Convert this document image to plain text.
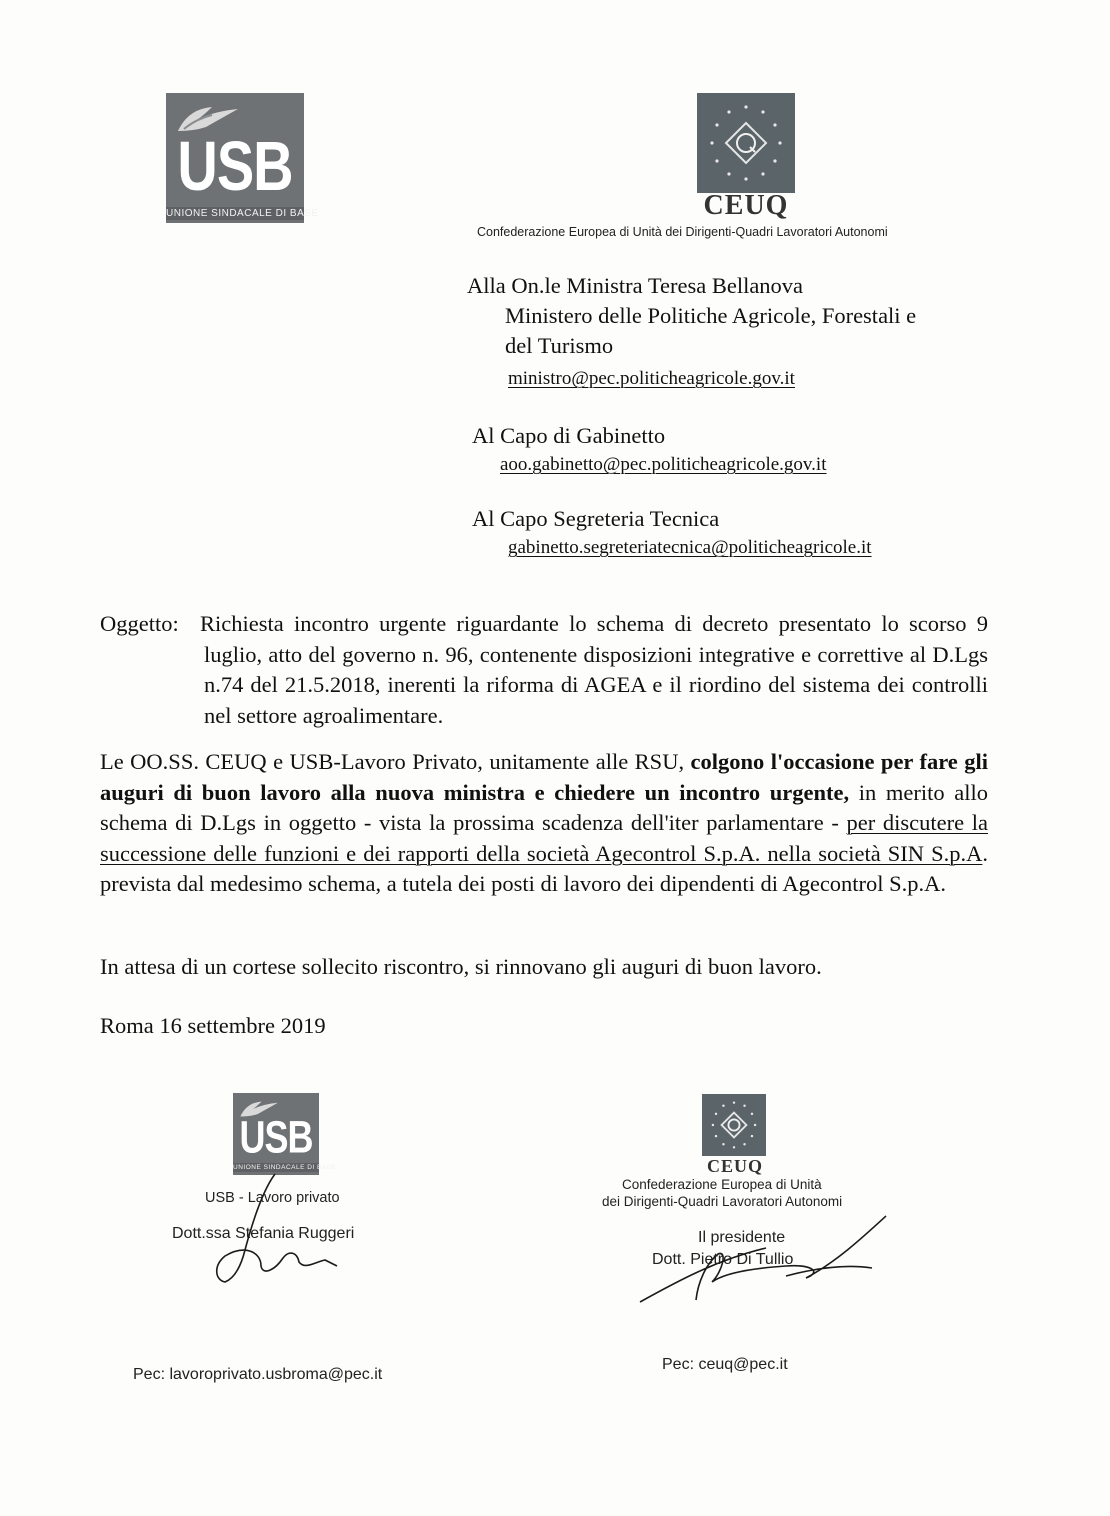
USB
UNIONE SINDACALE DI BASE	CEUQ
Confederazione Europea di Unità dei Dirigenti-Quadri Lavoratori Autonomi
Alla On.le Ministra Teresa Bellanova
Ministero delle Politiche Agricole, Forestali e
del Turismo
ministro@pec.politicheagricole.gov.it
Al Capo di Gabinetto
aoo.gabinetto@pec.politicheagricole.gov.it
Al Capo Segreteria Tecnica
gabinetto.segreteriatecnica@politicheagricole.it
Oggetto: Richiesta incontro urgente riguardante lo schema di decreto presentato lo scorso 9 luglio, atto del governo n. 96, contenente disposizioni integrative e correttive al D.Lgs n.74 del 21.5.2018, inerenti la riforma di AGEA e il riordino del sistema dei controlli nel settore agroalimentare.
Le OO.SS. CEUQ e USB-Lavoro Privato, unitamente alle RSU, colgono l'occasione per fare gli auguri di buon lavoro alla nuova ministra e chiedere un incontro urgente, in merito allo schema di D.Lgs in oggetto - vista la prossima scadenza dell'iter parlamentare - per discutere la successione delle funzioni e dei rapporti della società Agecontrol S.p.A. nella società SIN S.p.A. prevista dal medesimo schema, a tutela dei posti di lavoro dei dipendenti di Agecontrol S.p.A.
In attesa di un cortese sollecito riscontro, si rinnovano gli auguri di buon lavoro.
Roma 16 settembre 2019
USB
UNIONE SINDACALE DI BASE
USB - Lavoro privato
Dott.ssa Stefania Ruggeri
Pec: lavoroprivato.usbroma@pec.it
CEUQ
Confederazione Europea di Unità
dei Dirigenti-Quadri Lavoratori Autonomi
Il presidente
Dott. Pietro Di Tullio
Pec: ceuq@pec.it
